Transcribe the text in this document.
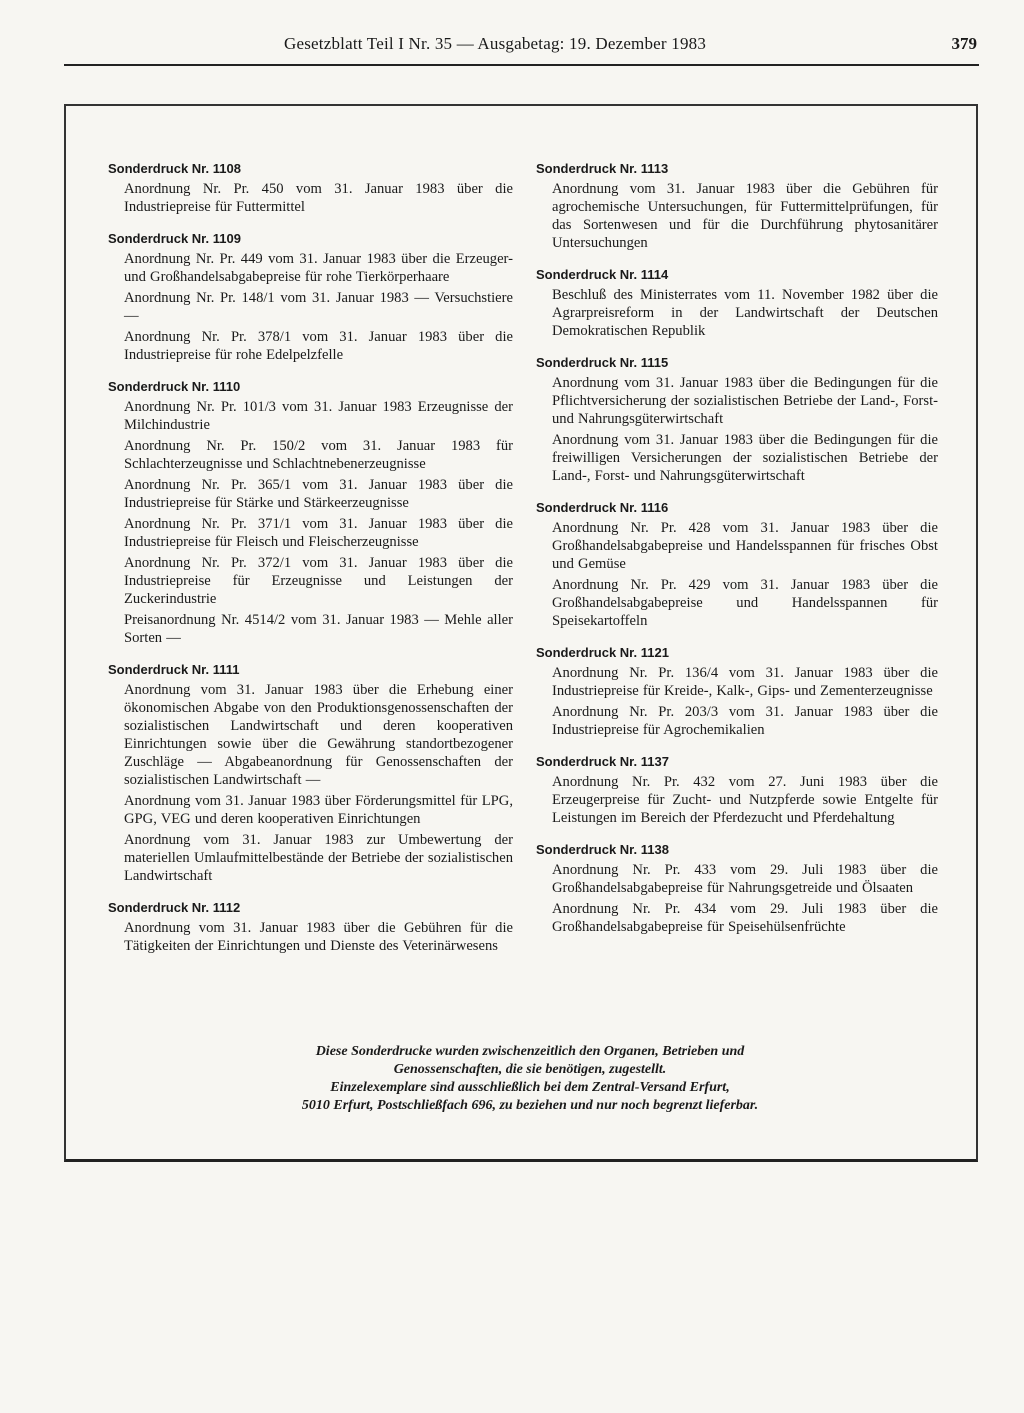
Gesetzblatt Teil I Nr. 35 — Ausgabetag: 19. Dezember 1983	379
Sonderdruck Nr. 1108
Anordnung Nr. Pr. 450 vom 31. Januar 1983 über die Industriepreise für Futtermittel
Sonderdruck Nr. 1109
Anordnung Nr. Pr. 449 vom 31. Januar 1983 über die Erzeuger- und Großhandelsabgabepreise für rohe Tierkörperhaare
Anordnung Nr. Pr. 148/1 vom 31. Januar 1983 — Versuchstiere —
Anordnung Nr. Pr. 378/1 vom 31. Januar 1983 über die Industriepreise für rohe Edelpelzfelle
Sonderdruck Nr. 1110
Anordnung Nr. Pr. 101/3 vom 31. Januar 1983 Erzeugnisse der Milchindustrie
Anordnung Nr. Pr. 150/2 vom 31. Januar 1983 für Schlachterzeugnisse und Schlachtnebenerzeugnisse
Anordnung Nr. Pr. 365/1 vom 31. Januar 1983 über die Industriepreise für Stärke und Stärkeerzeugnisse
Anordnung Nr. Pr. 371/1 vom 31. Januar 1983 über die Industriepreise für Fleisch und Fleischerzeugnisse
Anordnung Nr. Pr. 372/1 vom 31. Januar 1983 über die Industriepreise für Erzeugnisse und Leistungen der Zuckerindustrie
Preisanordnung Nr. 4514/2 vom 31. Januar 1983 — Mehle aller Sorten —
Sonderdruck Nr. 1111
Anordnung vom 31. Januar 1983 über die Erhebung einer ökonomischen Abgabe von den Produktionsgenossenschaften der sozialistischen Landwirtschaft und deren kooperativen Einrichtungen sowie über die Gewährung standortbezogener Zuschläge — Abgabeanordnung für Genossenschaften der sozialistischen Landwirtschaft —
Anordnung vom 31. Januar 1983 über Förderungsmittel für LPG, GPG, VEG und deren kooperativen Einrichtungen
Anordnung vom 31. Januar 1983 zur Umbewertung der materiellen Umlaufmittelbestände der Betriebe der sozialistischen Landwirtschaft
Sonderdruck Nr. 1112
Anordnung vom 31. Januar 1983 über die Gebühren für die Tätigkeiten der Einrichtungen und Dienste des Veterinärwesens
Sonderdruck Nr. 1113
Anordnung vom 31. Januar 1983 über die Gebühren für agrochemische Untersuchungen, für Futtermittelprüfungen, für das Sortenwesen und für die Durchführung phytosanitärer Untersuchungen
Sonderdruck Nr. 1114
Beschluß des Ministerrates vom 11. November 1982 über die Agrarpreisreform in der Landwirtschaft der Deutschen Demokratischen Republik
Sonderdruck Nr. 1115
Anordnung vom 31. Januar 1983 über die Bedingungen für die Pflichtversicherung der sozialistischen Betriebe der Land-, Forst- und Nahrungsgüterwirtschaft
Anordnung vom 31. Januar 1983 über die Bedingungen für die freiwilligen Versicherungen der sozialistischen Betriebe der Land-, Forst- und Nahrungsgüterwirtschaft
Sonderdruck Nr. 1116
Anordnung Nr. Pr. 428 vom 31. Januar 1983 über die Großhandelsabgabepreise und Handelsspannen für frisches Obst und Gemüse
Anordnung Nr. Pr. 429 vom 31. Januar 1983 über die Großhandelsabgabepreise und Handelsspannen für Speisekartoffeln
Sonderdruck Nr. 1121
Anordnung Nr. Pr. 136/4 vom 31. Januar 1983 über die Industriepreise für Kreide-, Kalk-, Gips- und Zementerzeugnisse
Anordnung Nr. Pr. 203/3 vom 31. Januar 1983 über die Industriepreise für Agrochemikalien
Sonderdruck Nr. 1137
Anordnung Nr. Pr. 432 vom 27. Juni 1983 über die Erzeugerpreise für Zucht- und Nutzpferde sowie Entgelte für Leistungen im Bereich der Pferdezucht und Pferdehaltung
Sonderdruck Nr. 1138
Anordnung Nr. Pr. 433 vom 29. Juli 1983 über die Großhandelsabgabepreise für Nahrungsgetreide und Ölsaaten
Anordnung Nr. Pr. 434 vom 29. Juli 1983 über die Großhandelsabgabepreise für Speisehülsenfrüchte

Diese Sonderdrucke wurden zwischenzeitlich den Organen, Betrieben und

Genossenschaften, die sie benötigen, zugestellt.

Einzelexemplare sind ausschließlich bei dem Zentral-Versand Erfurt,

5010 Erfurt, Postschließfach 696, zu beziehen und nur noch begrenzt lieferbar.
